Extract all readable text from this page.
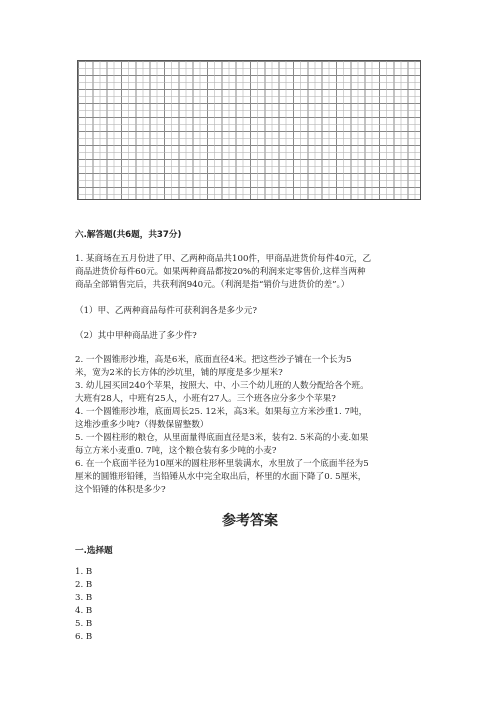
六.解答题(共6题，共37分)
1. 某商场在五月份进了甲、乙两种商品共100件，甲商品进货价每件40元，乙
商品进货价每件60元。如果两种商品都按20%的利润来定零售价,这样当两种
商品全部销售完后，共获利润940元。（利润是指“销价与进货价的差”。）
（1）甲、乙两种商品每件可获利润各是多少元?
（2）其中甲种商品进了多少件?
2. 一个圆锥形沙堆，高是6米，底面直径4米。把这些沙子铺在一个长为5
米，宽为2米的长方体的沙坑里，铺的厚度是多少厘米?
3. 幼儿园买回240个苹果，按照大、中、小三个幼儿班的人数分配给各个班。
大班有28人，中班有25人，小班有27人。三个班各应分多少个苹果?
4. 一个圆锥形沙堆，底面周长25. 12米，高3米。如果每立方米沙重1. 7吨，
这堆沙重多少吨?（得数保留整数）
5. 一个圆柱形的粮仓，从里面量得底面直径是3米，装有2. 5米高的小麦.如果
每立方米小麦重0. 7吨，这个粮仓装有多少吨的小麦?
6. 在一个底面半径为10厘米的圆柱形杯里装满水，水里放了一个底面半径为5
厘米的圆锥形铅锤，当铅锤从水中完全取出后，杯里的水面下降了0. 5厘米，
这个铅锤的体积是多少?
参考答案
一.选择题
1. B
2. B
3. B
4. B
5. B
6. B
